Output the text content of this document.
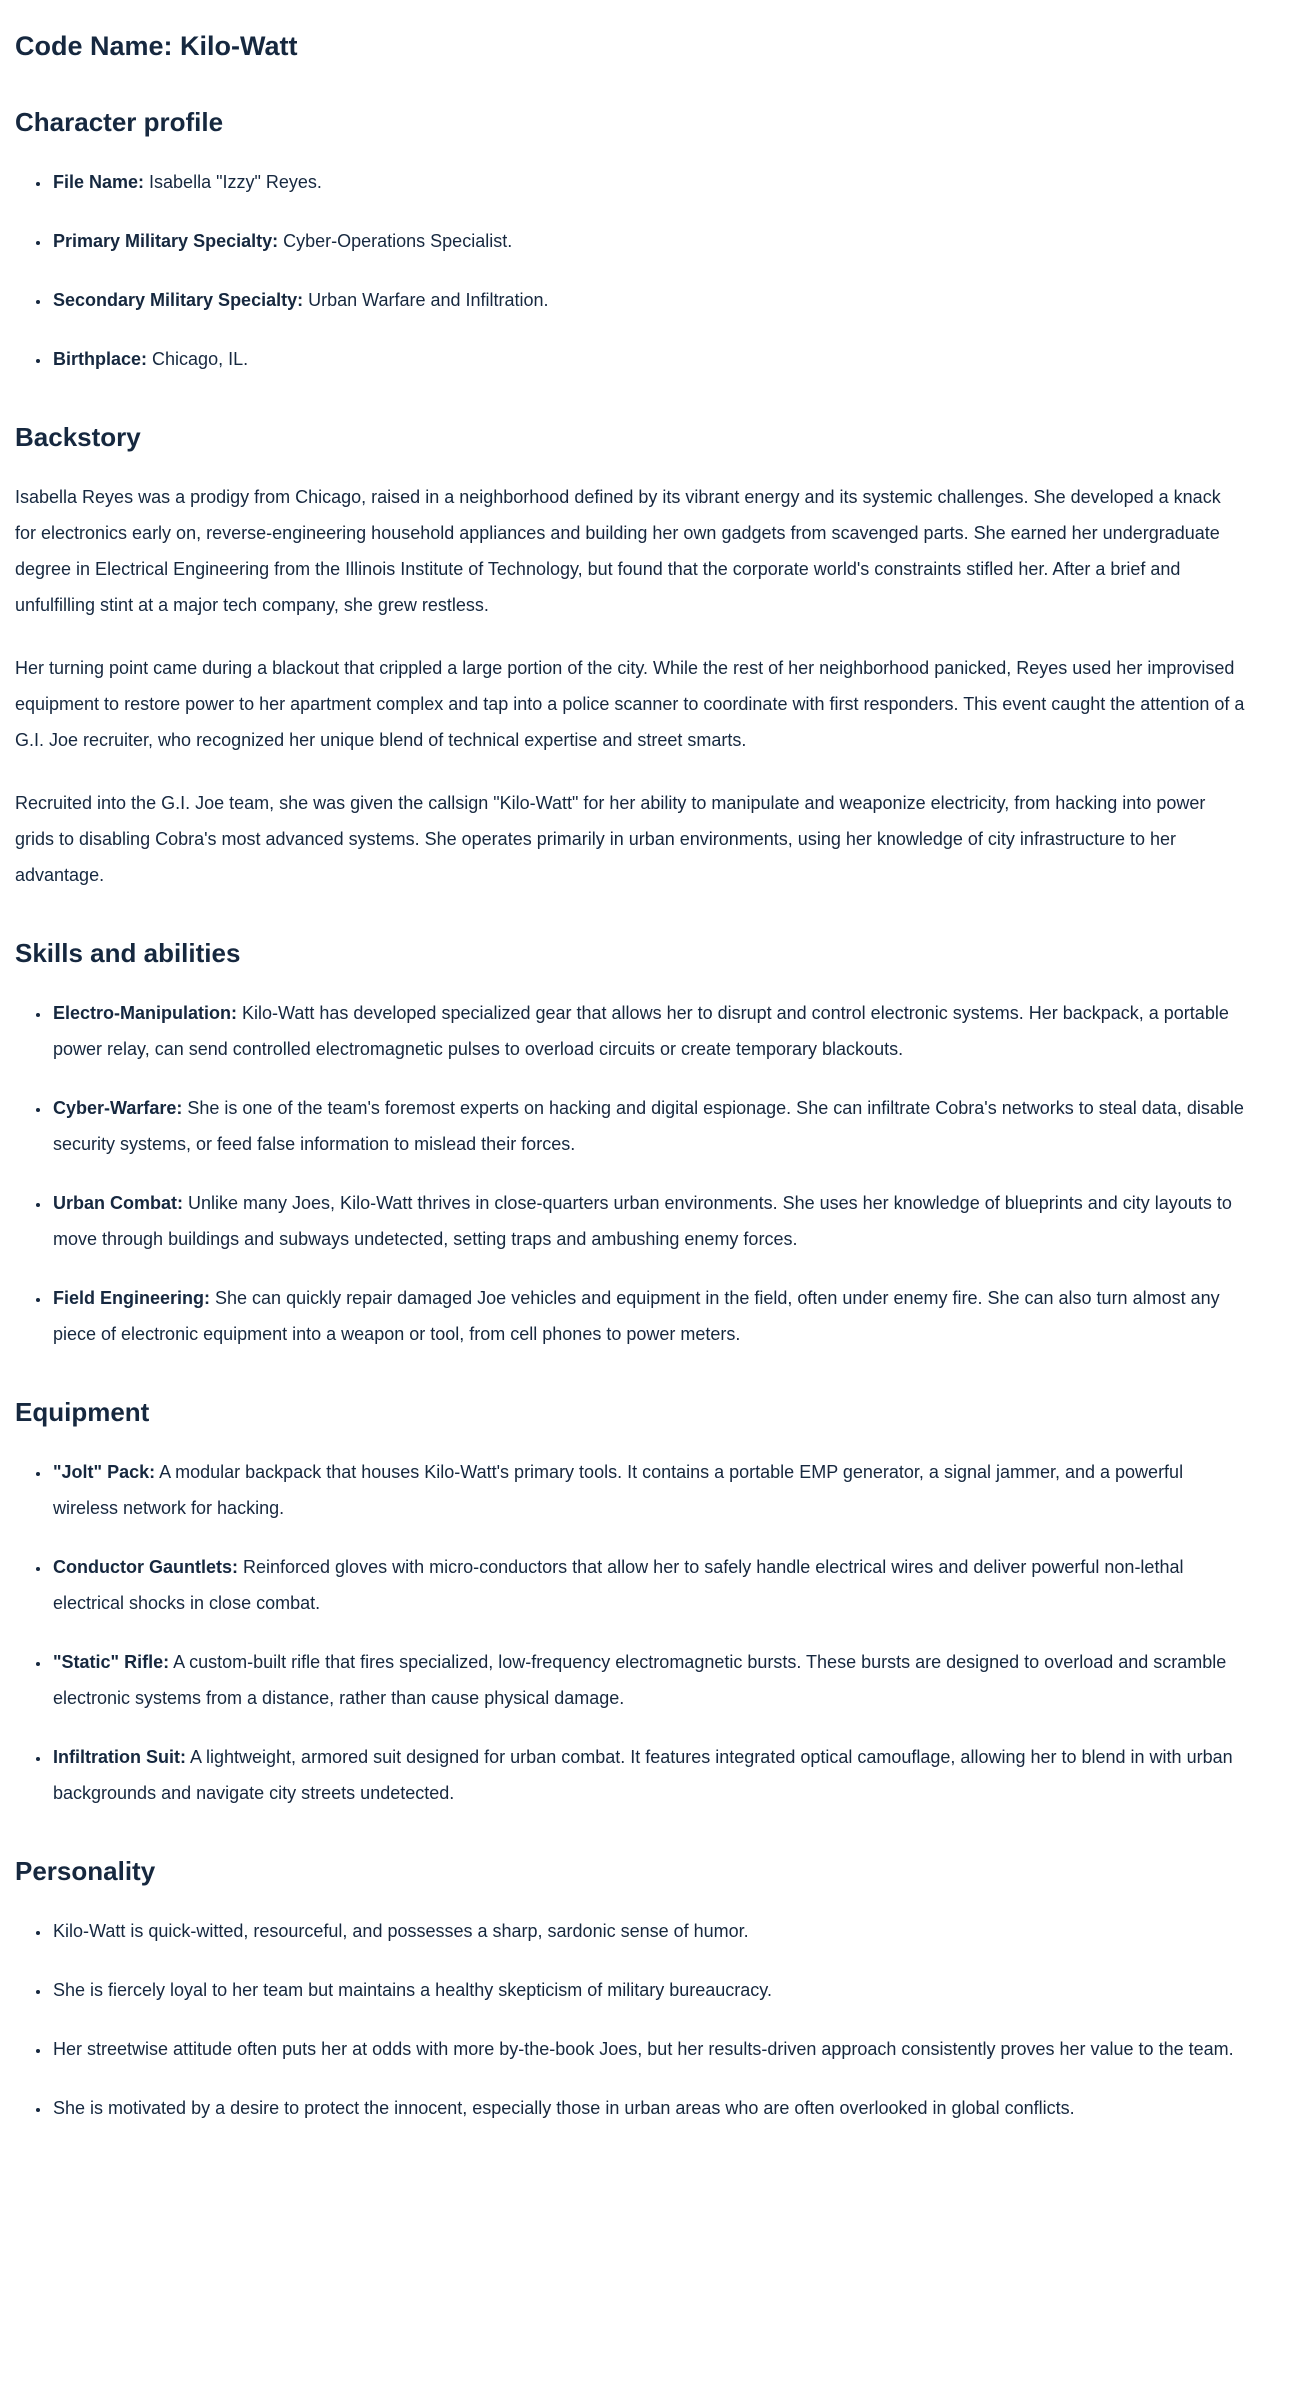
Code Name: Kilo-Watt
Character profile
• File Name: Isabella "Izzy" Reyes.
• Primary Military Specialty: Cyber-Operations Specialist.
• Secondary Military Specialty: Urban Warfare and Infiltration.
• Birthplace: Chicago, IL.
Backstory

Isabella Reyes was a prodigy from Chicago, raised in a neighborhood defined by its vibrant energy and its systemic challenges. She developed a knack for electronics early on, reverse-engineering household appliances and building her own gadgets from scavenged parts. She earned her undergraduate degree in Electrical Engineering from the Illinois Institute of Technology, but found that the corporate world's constraints stifled her. After a brief and unfulfilling stint at a major tech company, she grew restless.

Her turning point came during a blackout that crippled a large portion of the city. While the rest of her neighborhood panicked, Reyes used her improvised equipment to restore power to her apartment complex and tap into a police scanner to coordinate with first responders. This event caught the attention of a G.I. Joe recruiter, who recognized her unique blend of technical expertise and street smarts.

Recruited into the G.I. Joe team, she was given the callsign "Kilo-Watt" for her ability to manipulate and weaponize electricity, from hacking into power grids to disabling Cobra's most advanced systems. She operates primarily in urban environments, using her knowledge of city infrastructure to her advantage.

Skills and abilities
• Electro-Manipulation: Kilo-Watt has developed specialized gear that allows her to disrupt and control electronic systems. Her backpack, a portable power relay, can send controlled electromagnetic pulses to overload circuits or create temporary blackouts.
• Cyber-Warfare: She is one of the team's foremost experts on hacking and digital espionage. She can infiltrate Cobra's networks to steal data, disable security systems, or feed false information to mislead their forces.
• Urban Combat: Unlike many Joes, Kilo-Watt thrives in close-quarters urban environments. She uses her knowledge of blueprints and city layouts to move through buildings and subways undetected, setting traps and ambushing enemy forces.
• Field Engineering: She can quickly repair damaged Joe vehicles and equipment in the field, often under enemy fire. She can also turn almost any piece of electronic equipment into a weapon or tool, from cell phones to power meters.
Equipment
• "Jolt" Pack: A modular backpack that houses Kilo-Watt's primary tools. It contains a portable EMP generator, a signal jammer, and a powerful wireless network for hacking.
• Conductor Gauntlets: Reinforced gloves with micro-conductors that allow her to safely handle electrical wires and deliver powerful non-lethal electrical shocks in close combat.
• "Static" Rifle: A custom-built rifle that fires specialized, low-frequency electromagnetic bursts. These bursts are designed to overload and scramble electronic systems from a distance, rather than cause physical damage.
• Infiltration Suit: A lightweight, armored suit designed for urban combat. It features integrated optical camouflage, allowing her to blend in with urban backgrounds and navigate city streets undetected.
Personality
• Kilo-Watt is quick-witted, resourceful, and possesses a sharp, sardonic sense of humor.
• She is fiercely loyal to her team but maintains a healthy skepticism of military bureaucracy.
• Her streetwise attitude often puts her at odds with more by-the-book Joes, but her results-driven approach consistently proves her value to the team.
• She is motivated by a desire to protect the innocent, especially those in urban areas who are often overlooked in global conflicts.
